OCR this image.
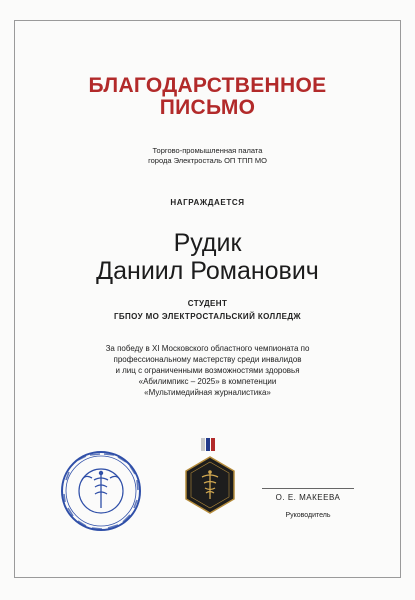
БЛАГОДАРСТВЕННОЕ
ПИСЬМО
Торгово-промышленная палата
города Электросталь ОП ТПП МО
НАГРАЖДАЕТСЯ
Рудик
Даниил Романович
СТУДЕНТ
ГБПОУ МО ЭЛЕКТРОСТАЛЬСКИЙ КОЛЛЕДЖ
За победу в XI Московского областного чемпионата по
профессиональному мастерству среди инвалидов
и лиц с ограниченными возможностями здоровья
«Абилимпикс – 2025» в компетенции
«Мультимедийная журналистика»
О. Е. МАКЕЕВА
Руководитель
